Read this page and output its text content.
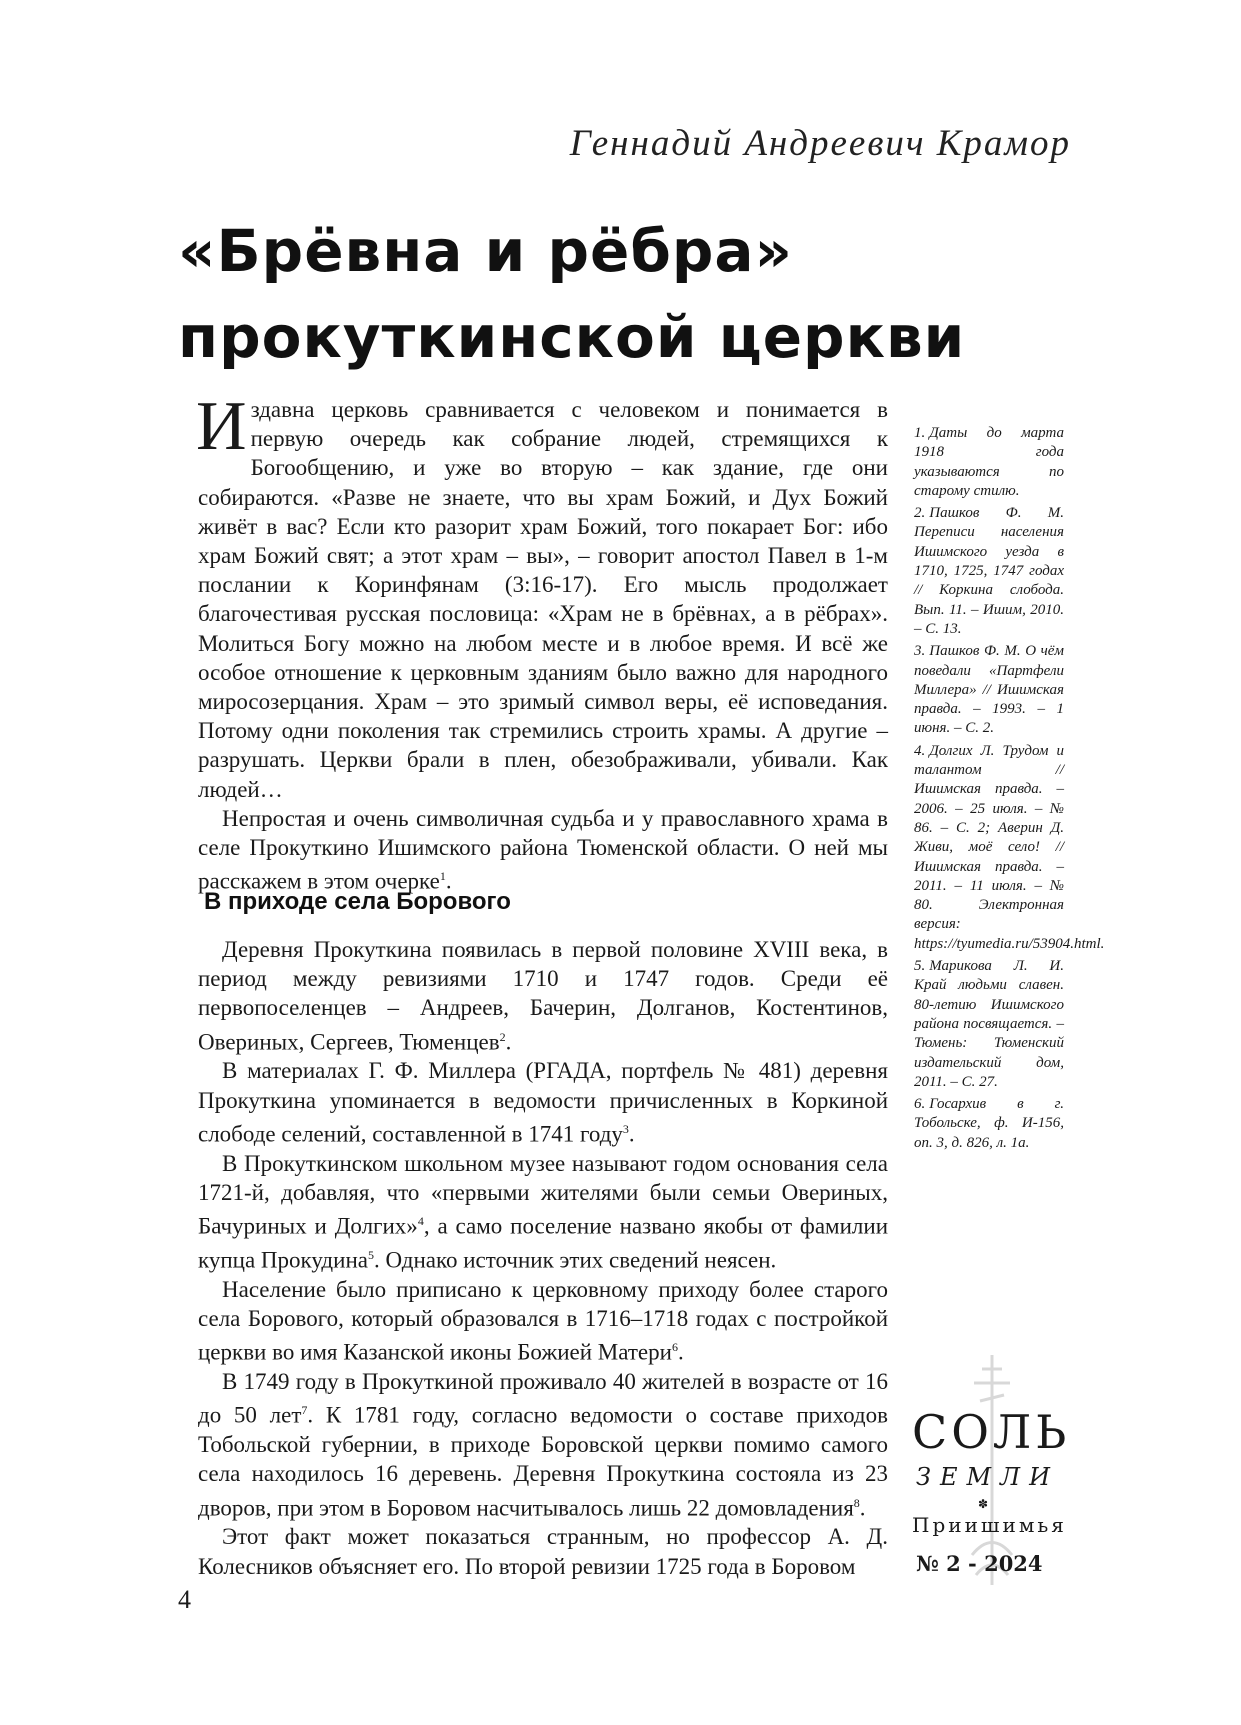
Геннадий Андреевич Крамор
«Брёвна и рёбра»
прокуткинской церкви

Издавна церковь сравнивается с человеком и понимается в первую очередь как собрание людей, стремящихся к Богообщению, и уже во вторую – как здание, где они собираются. «Разве не знаете, что вы храм Божий, и Дух Божий живёт в вас? Если кто разорит храм Божий, того покарает Бог: ибо храм Божий свят; а этот храм – вы», – говорит апостол Павел в 1-м послании к Коринфянам (3:16-17). Его мысль продолжает благочестивая русская пословица: «Храм не в брёвнах, а в рёбрах». Молиться Богу можно на любом месте и в любое время. И всё же особое отношение к церковным зданиям было важно для народного миросозерцания. Храм – это зримый символ веры, её исповедания. Потому одни поколения так стремились строить храмы. А другие – разрушать. Церкви брали в плен, обезображивали, убивали. Как людей…

Непростая и очень символичная судьба и у православного храма в селе Прокуткино Ишимского района Тюменской области. О ней мы расскажем в этом очерке$^1$.

В приходе села Борового

Деревня Прокуткина появилась в первой половине XVIII века, в период между ревизиями 1710 и 1747 годов. Среди её первопоселенцев – Андреев, Бачерин, Долганов, Костентинов, Овериных, Сергеев, Тюменцев$^2$.

В материалах Г. Ф. Миллера (РГАДА, портфель № 481) деревня Прокуткина упоминается в ведомости причисленных в Коркиной слободе селений, составленной в 1741 году$^3$.

В Прокуткинском школьном музее называют годом основания села 1721-й, добавляя, что «первыми жителями были семьи Овериных, Бачуриных и Долгих»$^4$, а само поселение названо якобы от фамилии купца Прокудина$^5$. Однако источник этих сведений неясен.

Население было приписано к церковному приходу более старого села Борового, который образовался в 1716–1718 годах с постройкой церкви во имя Казанской иконы Божией Матери$^6$.

В 1749 году в Прокуткиной проживало 40 жителей в возрасте от 16 до 50 лет$^7$. К 1781 году, согласно ведомости о составе приходов Тобольской губернии, в приходе Боровской церкви помимо самого села находилось 16 деревень. Деревня Прокуткина состояла из 23 дворов, при этом в Боровом насчитывалось лишь 22 домовладения$^8$.

Этот факт может показаться странным, но профессор А. Д. Колесников объясняет его. По второй ревизии 1725 года в Боровом

1. Даты до марта 1918 года указываются по старому стилю.
2. Пашков Ф. М. Переписи населения Ишимского уезда в 1710, 1725, 1747 годах // Коркина слобода. Вып. 11. – Ишим, 2010. – С. 13.
3. Пашков Ф. М. О чём поведали «Партфели Миллера» // Ишимская правда. – 1993. – 1 июня. – С. 2.
4. Долгих Л. Трудом и талантом // Ишимская правда. – 2006. – 25 июля. – № 86. – С. 2; Аверин Д. Живи, моё село! // Ишимская правда. – 2011. – 11 июля. – № 80. Электронная версия: https://tyumedia.ru/53904.html.
5. Марикова Л. И. Край людьми славен. 80-летию Ишимского района посвящается. – Тюмень: Тюменский издательский дом, 2011. – С. 27.
6. Госархив в г. Тобольске, ф. И-156, оп. 3, д. 826, л. 1а.
СОЛЬ
ЗЕМЛИ
✽
Приишимья
№ 2 - 2024
4
